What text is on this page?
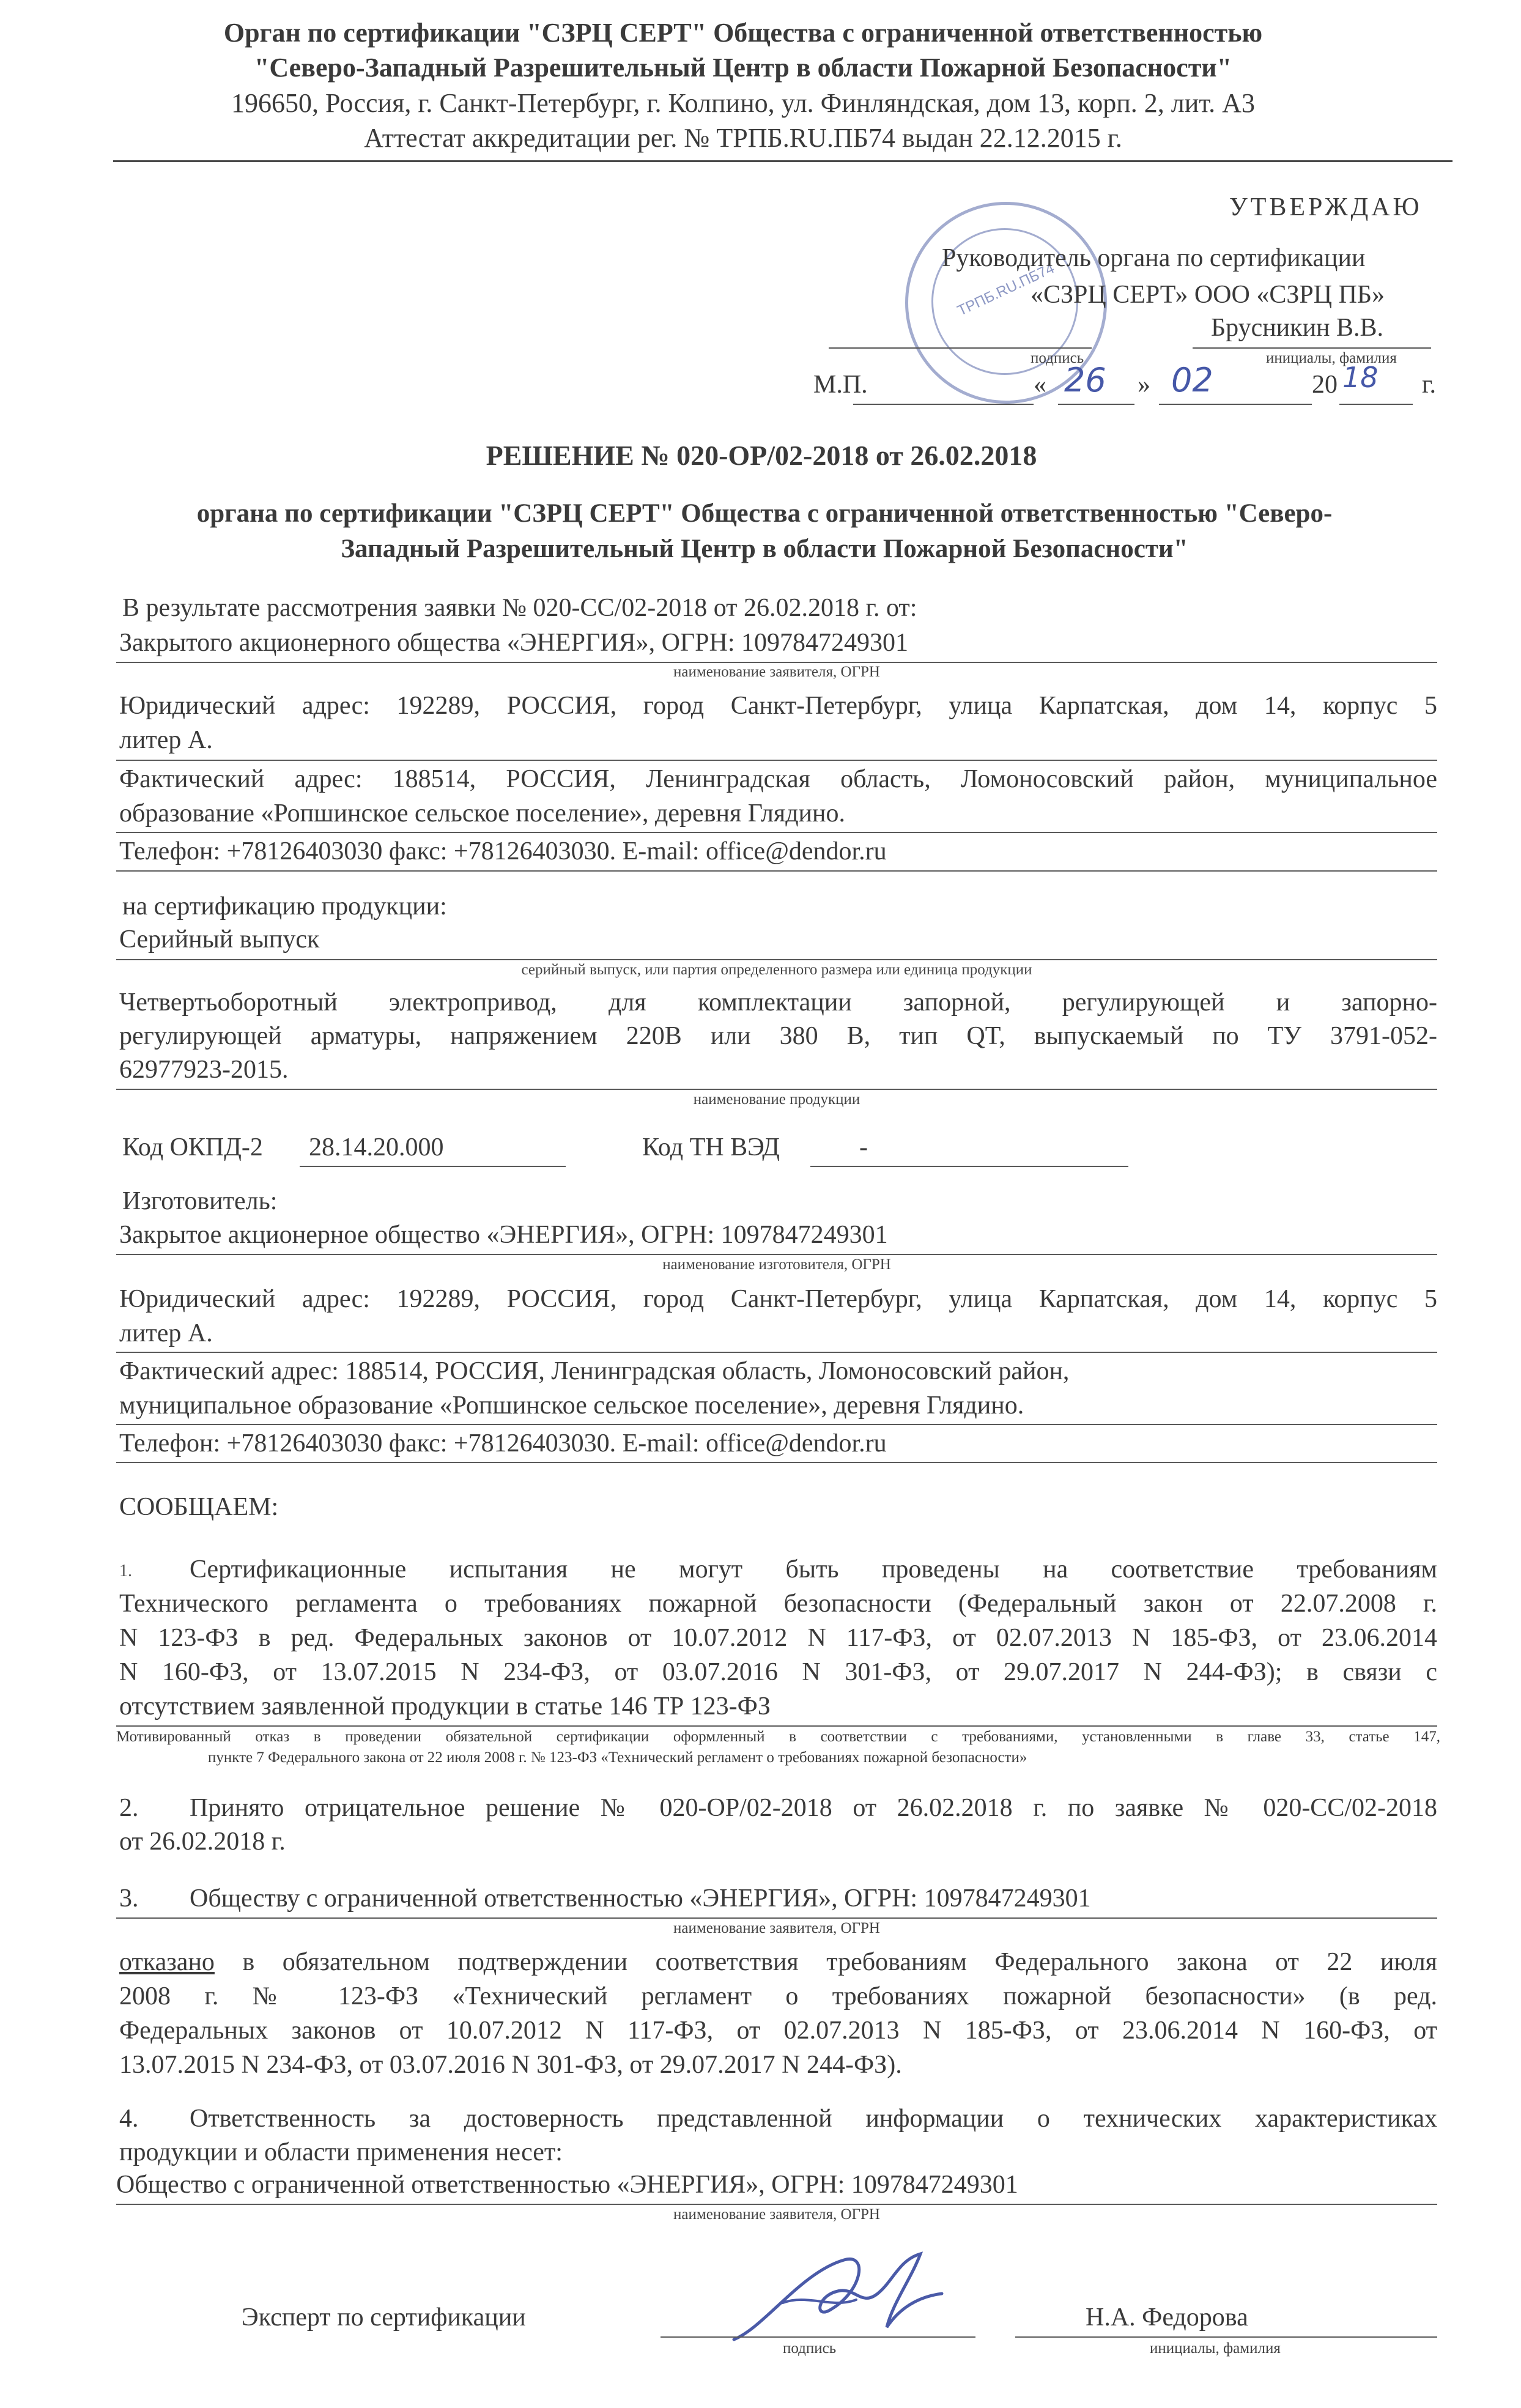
Орган по сертификации "СЗРЦ СЕРТ" Общества с ограниченной ответственностью
"Северо-Западный Разрешительный Центр в области Пожарной Безопасности"
196650, Россия, г. Санкт-Петербург, г. Колпино, ул. Финляндская, дом 13, корп. 2, лит. А3
Аттестат аккредитации рег. № ТРПБ.RU.ПБ74 выдан 22.12.2015 г.
ТРПБ.RU.ПБ74
УТВЕРЖДАЮ
Руководитель органа по сертификации
«СЗРЦ СЕРТ» ООО «СЗРЦ ПБ»
Брусникин В.В.
подпись	инициалы, фамилия
М.П.	« 26 » 02	20 18 г.
РЕШЕНИЕ № 020-ОР/02-2018 от 26.02.2018
органа по сертификации "СЗРЦ СЕРТ" Общества с ограниченной ответственностью "Северо-
Западный Разрешительный Центр в области Пожарной Безопасности"
В результате рассмотрения заявки № 020-СС/02-2018 от 26.02.2018 г. от:
Закрытого акционерного общества «ЭНЕРГИЯ», ОГРН: 1097847249301
наименование заявителя, ОГРН
Юридический адрес: 192289, РОССИЯ, город Санкт-Петербург, улица Карпатская, дом 14, корпус 5
литер А.
Фактический адрес: 188514, РОССИЯ, Ленинградская область, Ломоносовский район, муниципальное
образование «Ропшинское сельское поселение», деревня Глядино.
Телефон: +78126403030 факс: +78126403030. E-mail: office@dendor.ru
на сертификацию продукции:
Серийный выпуск
серийный выпуск, или партия определенного размера или единица продукции
Четвертьоборотный электропривод, для комплектации запорной, регулирующей и запорно-
регулирующей арматуры, напряжением 220В или 380 В, тип QT, выпускаемый по ТУ 3791-052-
62977923-2015.
наименование продукции
Код ОКПД-2 28.14.20.000	Код ТН ВЭД	-
Изготовитель:
Закрытое акционерное общество «ЭНЕРГИЯ», ОГРН: 1097847249301
наименование изготовителя, ОГРН
Юридический адрес: 192289, РОССИЯ, город Санкт-Петербург, улица Карпатская, дом 14, корпус 5
литер А.
Фактический адрес: 188514, РОССИЯ, Ленинградская область, Ломоносовский район,
муниципальное образование «Ропшинское сельское поселение», деревня Глядино.
Телефон: +78126403030 факс: +78126403030. E-mail: office@dendor.ru
СООБЩАЕМ:
1. Сертификационные испытания не могут быть проведены на соответствие требованиям
Технического регламента о требованиях пожарной безопасности (Федеральный закон от 22.07.2008 г.
N 123-ФЗ в ред. Федеральных законов от 10.07.2012 N 117-ФЗ, от 02.07.2013 N 185-ФЗ, от 23.06.2014
N 160-ФЗ, от 13.07.2015 N 234-ФЗ, от 03.07.2016 N 301-ФЗ, от 29.07.2017 N 244-ФЗ); в связи с
отсутствием заявленной продукции в статье 146 ТР 123-ФЗ
Мотивированный отказ в проведении обязательной сертификации оформленный в соответствии с требованиями, установленными в главе 33, статье 147,
пункте 7 Федерального закона от 22 июля 2008 г. № 123-ФЗ «Технический регламент о требованиях пожарной безопасности»
2. Принято отрицательное решение № 020-ОР/02-2018 от 26.02.2018 г. по заявке № 020-СС/02-2018
от 26.02.2018 г.
3. Обществу с ограниченной ответственностью «ЭНЕРГИЯ», ОГРН: 1097847249301
наименование заявителя, ОГРН
отказано в обязательном подтверждении соответствия требованиям Федерального закона от 22 июля
2008 г. № 123-ФЗ «Технический регламент о требованиях пожарной безопасности» (в ред.
Федеральных законов от 10.07.2012 N 117-ФЗ, от 02.07.2013 N 185-ФЗ, от 23.06.2014 N 160-ФЗ, от
13.07.2015 N 234-ФЗ, от 03.07.2016 N 301-ФЗ, от 29.07.2017 N 244-ФЗ).
4. Ответственность за достоверность представленной информации о технических характеристиках
продукции и области применения несет:
Общество с ограниченной ответственностью «ЭНЕРГИЯ», ОГРН: 1097847249301
наименование заявителя, ОГРН
Эксперт по сертификации
подпись
Н.А. Федорова
инициалы, фамилия
